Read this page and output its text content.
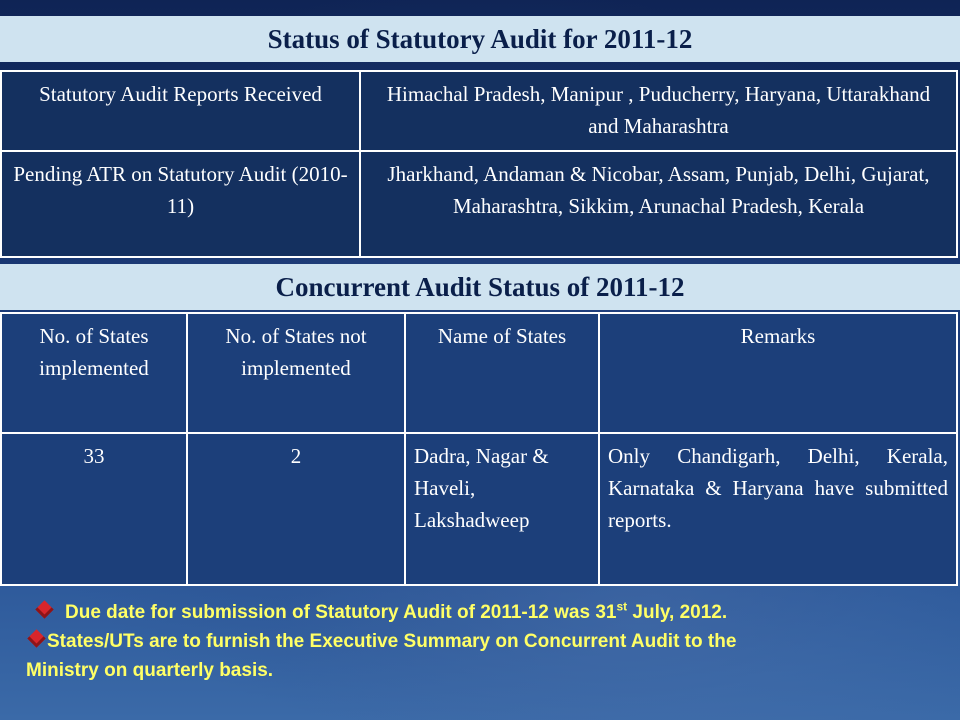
Status of Statutory Audit for 2011-12
Statutory Audit Reports Received	Himachal Pradesh, Manipur , Puducherry, Haryana, Uttarakhand and Maharashtra
Pending ATR on Statutory Audit (2010-11)	Jharkhand, Andaman & Nicobar, Assam, Punjab, Delhi, Gujarat, Maharashtra, Sikkim, Arunachal Pradesh, Kerala
Concurrent Audit Status of 2011-12
No. of States implemented	No. of States not implemented	Name of States	Remarks
33	2	Dadra, Nagar & Haveli, Lakshadweep	Only Chandigarh, Delhi, Kerala, Karnataka & Haryana have submitted reports.
Due date for submission of Statutory Audit of 2011-12 was 31st July, 2012.
States/UTs are to furnish the Executive Summary on Concurrent Audit to the
Ministry on quarterly basis.
